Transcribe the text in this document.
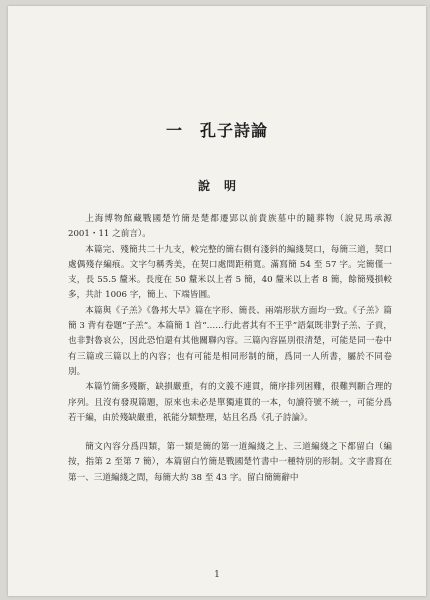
一　孔子詩論
說明

上海博物館藏戰國楚竹簡是楚都遷郢以前貴族墓中的隨葬物（說見馬承源 2001・11 之前言）。

本篇完、殘簡共二十九支，較完整的簡右側有淺斜的編綫契口，每簡三道，契口處偶殘存編痕。文字勻稱秀美，在契口處間距稍寬。滿寫簡 54 至 57 字。完簡僅一支，長 55.5 釐米。長度在 50 釐米以上者 5 簡，40 釐米以上者 8 簡，餘簡殘損較多，共計 1006 字，簡上、下端皆圓。

本篇與《子羔》《魯邦大旱》篇在字形、簡長、兩端形狀方面均一致。《子羔》篇簡 3 背有卷題“子羔”。本篇簡 1 首“……行此者其有不王乎”語氣既非對子羔、子貢，也非對魯哀公，因此恐怕還有其他關聯內容。三篇內容區別很清楚，可能是同一卷中有三篇或三篇以上的內容；也有可能是相同形制的簡，爲同一人所書，屬於不同卷別。

本篇竹簡多殘斷，缺損嚴重，有的文義不連貫，簡序排列困難，很難判斷合理的序列。且沒有發現篇題，原來也未必是單獨連貫的一本，句讀符號不統一，可能分爲若干編，由於殘缺嚴重，祇能分類整理，姑且名爲《孔子詩論》。

簡文內容分爲四類，第一類是簡的第一道編綫之上、三道編綫之下都留白（編按，指第 2 至第 7 簡），本篇留白竹簡是戰國楚竹書中一種特別的形制。文字書寫在第一、三道編綫之間，每簡大約 38 至 43 字。留白簡簡辭中

1
